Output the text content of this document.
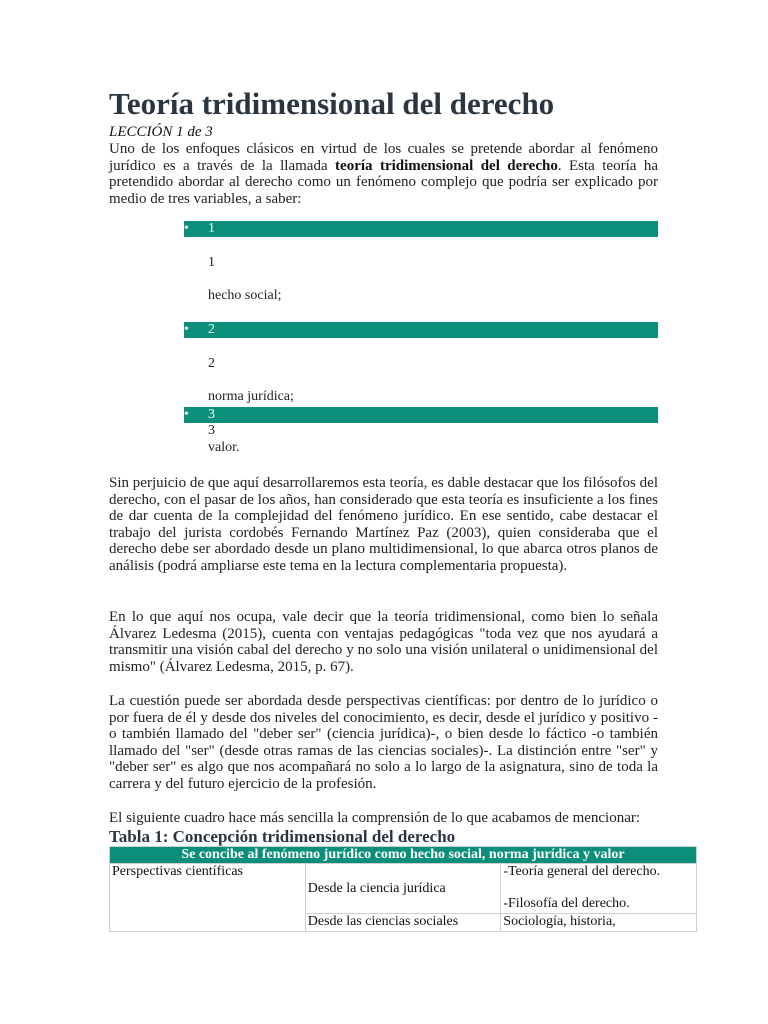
Teoría tridimensional del derecho

LECCIÓN 1 de 3

Uno de los enfoques clásicos en virtud de los cuales se pretende abordar al fenómeno jurídico es a través de la llamada teoría tridimensional del derecho. Esta teoría ha pretendido abordar al derecho como un fenómeno complejo que podría ser explicado por medio de tres variables, a saber:

• 1
1
hecho social;
• 2
2
norma jurídica;
• 3
3
valor.

Sin perjuicio de que aquí desarrollaremos esta teoría, es dable destacar que los filósofos del derecho, con el pasar de los años, han considerado que esta teoría es insuficiente a los fines de dar cuenta de la complejidad del fenómeno jurídico. En ese sentido, cabe destacar el trabajo del jurista cordobés Fernando Martínez Paz (2003), quien consideraba que el derecho debe ser abordado desde un plano multidimensional, lo que abarca otros planos de análisis (podrá ampliarse este tema en la lectura complementaria propuesta).

En lo que aquí nos ocupa, vale decir que la teoría tridimensional, como bien lo señala Álvarez Ledesma (2015), cuenta con ventajas pedagógicas "toda vez que nos ayudará a transmitir una visión cabal del derecho y no solo una visión unilateral o unidimensional del mismo" (Álvarez Ledesma, 2015, p. 67).

La cuestión puede ser abordada desde perspectivas científicas: por dentro de lo jurídico o por fuera de él y desde dos niveles del conocimiento, es decir, desde el jurídico y positivo -o también llamado del "deber ser" (ciencia jurídica)-, o bien desde lo fáctico -o también llamado del "ser" (desde otras ramas de las ciencias sociales)-. La distinción entre "ser" y "deber ser" es algo que nos acompañará no solo a lo largo de la asignatura, sino de toda la carrera y del futuro ejercicio de la profesión.

El siguiente cuadro hace más sencilla la comprensión de lo que acabamos de mencionar:

Tabla 1: Concepción tridimensional del derecho
Se concibe al fenómeno jurídico como hecho social, norma jurídica y valor		
Perspectivas científicas	Desde la ciencia jurídica	-Teoría general del derecho.
-Filosofía del derecho.

	Desde las ciencias sociales	Sociología, historia,
